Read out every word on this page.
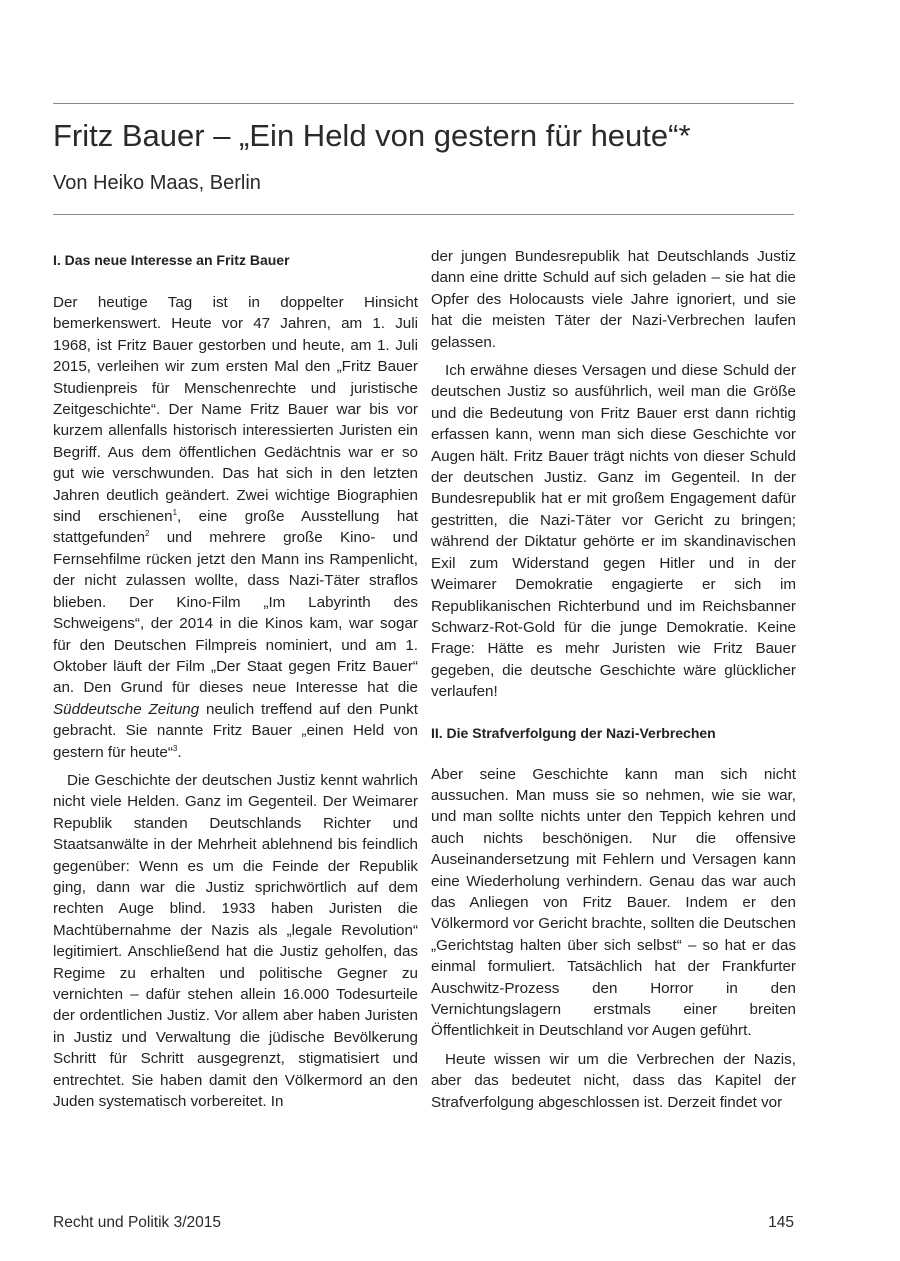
Fritz Bauer – „Ein Held von gestern für heute“*
Von Heiko Maas, Berlin
I. Das neue Interesse an Fritz Bauer

Der heutige Tag ist in doppelter Hinsicht bemerkenswert. Heute vor 47 Jahren, am 1. Juli 1968, ist Fritz Bauer gestorben und heute, am 1. Juli 2015, verleihen wir zum ersten Mal den „Fritz Bauer Studienpreis für Menschenrechte und juristische Zeitgeschichte“. Der Name Fritz Bauer war bis vor kurzem allenfalls historisch interessierten Juristen ein Begriff. Aus dem öffentlichen Gedächtnis war er so gut wie verschwunden. Das hat sich in den letzten Jahren deutlich geändert. Zwei wichtige Biographien sind erschienen$^1$, eine große Ausstellung hat stattgefunden$^2$ und mehrere große Kino- und Fernsehfilme rücken jetzt den Mann ins Rampenlicht, der nicht zulassen wollte, dass Nazi-Täter straflos blieben. Der Kino-Film „Im Labyrinth des Schweigens“, der 2014 in die Kinos kam, war sogar für den Deutschen Filmpreis nominiert, und am 1. Oktober läuft der Film „Der Staat gegen Fritz Bauer“ an. Den Grund für dieses neue Interesse hat die Süddeutsche Zeitung neulich treffend auf den Punkt gebracht. Sie nannte Fritz Bauer „einen Held von gestern für heute“$^3$.

Die Geschichte der deutschen Justiz kennt wahrlich nicht viele Helden. Ganz im Gegenteil. Der Weimarer Republik standen Deutschlands Richter und Staatsanwälte in der Mehrheit ablehnend bis feindlich gegenüber: Wenn es um die Feinde der Republik ging, dann war die Justiz sprichwörtlich auf dem rechten Auge blind. 1933 haben Juristen die Machtübernahme der Nazis als „legale Revolution“ legitimiert. Anschließend hat die Justiz geholfen, das Regime zu erhalten und politische Gegner zu vernichten – dafür stehen allein 16.000 Todesurteile der ordentlichen Justiz. Vor allem aber haben Juristen in Justiz und Verwaltung die jüdische Bevölkerung Schritt für Schritt ausgegrenzt, stigmatisiert und entrechtet. Sie haben damit den Völkermord an den Juden systematisch vorbereitet. In

der jungen Bundesrepublik hat Deutschlands Justiz dann eine dritte Schuld auf sich geladen – sie hat die Opfer des Holocausts viele Jahre ignoriert, und sie hat die meisten Täter der Nazi-Verbrechen laufen gelassen.

Ich erwähne dieses Versagen und diese Schuld der deutschen Justiz so ausführlich, weil man die Größe und die Bedeutung von Fritz Bauer erst dann richtig erfassen kann, wenn man sich diese Geschichte vor Augen hält. Fritz Bauer trägt nichts von dieser Schuld der deutschen Justiz. Ganz im Gegenteil. In der Bundesrepublik hat er mit großem Engagement dafür gestritten, die Nazi-Täter vor Gericht zu bringen; während der Diktatur gehörte er im skandinavischen Exil zum Widerstand gegen Hitler und in der Weimarer Demokratie engagierte er sich im Republikanischen Richterbund und im Reichsbanner Schwarz-Rot-Gold für die junge Demokratie. Keine Frage: Hätte es mehr Juristen wie Fritz Bauer gegeben, die deutsche Geschichte wäre glücklicher verlaufen!

II. Die Strafverfolgung der Nazi-Verbrechen

Aber seine Geschichte kann man sich nicht aussuchen. Man muss sie so nehmen, wie sie war, und man sollte nichts unter den Teppich kehren und auch nichts beschönigen. Nur die offensive Auseinandersetzung mit Fehlern und Versagen kann eine Wiederholung verhindern. Genau das war auch das Anliegen von Fritz Bauer. Indem er den Völkermord vor Gericht brachte, sollten die Deutschen „Gerichtstag halten über sich selbst“ – so hat er das einmal formuliert. Tatsächlich hat der Frankfurter Auschwitz-Prozess den Horror in den Vernichtungslagern erstmals einer breiten Öffentlichkeit in Deutschland vor Augen geführt.

Heute wissen wir um die Verbrechen der Nazis, aber das bedeutet nicht, dass das Kapitel der Strafverfolgung abgeschlossen ist. Derzeit findet vor

Recht und Politik 3/2015	145
